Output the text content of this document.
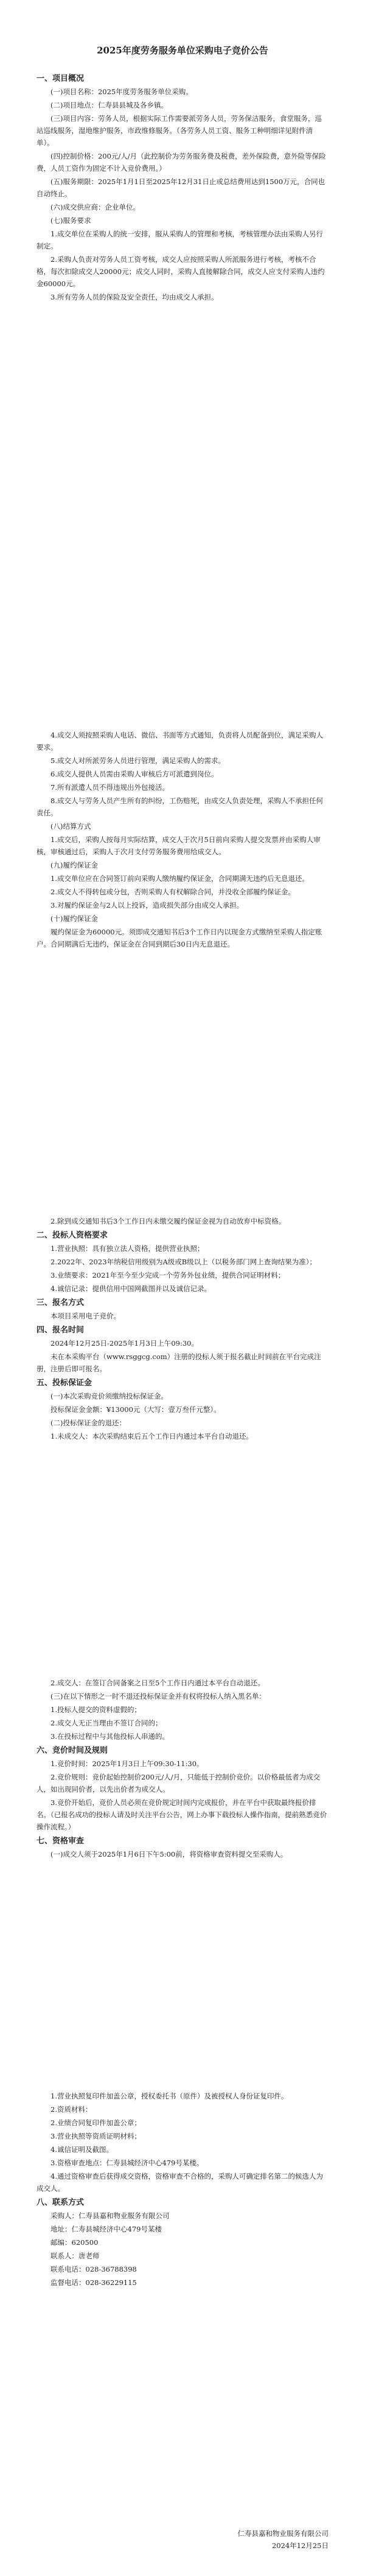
2025年度劳务服务单位采购电子竞价公告
一、项目概况
(一)项目名称：2025年度劳务服务单位采购。
(二)项目地点：仁寿县县城及各乡镇。
(三)项目内容：劳务人员，根据实际工作需要派劳务人员，劳务保洁服务，食堂服务，巡站巡线服务，湿地维护服务，市政维修服务。（各劳务人员工资、服务工种明细详见附件清单）。
(四)控制价格：200元/人/月（此控制价为劳务服务费及税费，差外保险费，意外险等保险费，人员工资作为固定不计入竞价费用。）
(五)服务期限：2025年1月1日至2025年12月31日止或总结费用达到1500万元，合同也自动终止。
(六)成交供应商：企业单位。
(七)服务要求
1.成交单位在采购人的统一安排，服从采购人的管理和考核，考核管理办法由采购人另行制定。
2.采购人负责对劳务人员工资考核，成交人应按照采购人所派服务进行考核，考核不合格，每次扣除成交人20000元；成交人同时，采购人直接解除合同，成交人应支付采购人违约金60000元。
3.所有劳务人员的保险及安全责任，均由成交人承担。
4.成交人须按照采购人电话、微信、书面等方式通知，负责将人员配备到位，满足采购人要求。
5.成交人对所派劳务人员进行管理，满足采购人的需求。
6.成交人提供人员需由采购人审核后方可派遣到岗位。
7.所有派遣人员不得违规出外包接活。
8.成交人与劳务人员产生所有的纠纷，工伤赔死，由成交人负责处理，采购人不承担任何责任。
(八)结算方式
1.成交后，采购人按每月实际结算，成交人于次月5日前向采购人提交发票并由采购人审核，审核通过后，采购人于次月支付劳务服务费用给成交人。
(九)履约保证金
1.成交单位应在合同签订前向采购人缴纳履约保证金，合同期满无违约后无息退还。
2.成交人不得转包或分包，否则采购人有权解除合同，并没收全部履约保证金。
3.对履约保证金与2人以上投诉，造成损失部分由成交人承担。
(十)履约保证金
履约保证金为60000元。须即成交通知书后3个工作日内以现金方式缴纳至采购人指定账户。合同期满后无违约，保证金在合同到期后30日内无息退还。
2.除到成交通知书后3个工作日内未缴交履约保证金视为自动放弃中标资格。
二、投标人资格要求
1.营业执照：具有独立法人资格，提供营业执照；
2.2022年、2023年纳税信用级别为A级或B级以上（以税务部门网上查询结果为准）；
3.业绩要求：2021年至今至少完成一个劳务外包业绩，提供合同证明材料；
4.诚信记录：提供信用中国网截图并以及诚信记录。
三、报名方式
本项目采用电子竞价。
四、报名时间
2024年12月25日-2025年1月3日上午09:30。
未在本采购平台（www.rsggcg.com）注册的投标人须于报名截止时间前在平台完成注册，注册后即可报名。
五、投标保证金
(一)本次采购竞价须缴纳投标保证金。
投标保证金金额：¥13000元（大写：壹万叁仟元整）。
(二)投标保证金的退还：
1.未成交人：本次采购结束后五个工作日内通过本平台自动退还。
2.成交人：在签订合同备案之日至5个工作日内通过本平台自动退还。
(三)在以下情形之一时不退还投标保证金并有权将投标人纳入黑名单：
1.投标人提交的资料虚假的；
2.成交人无正当理由不签订合同的；
3.在投标过程中与其他投标人串通的。
六、竞价时间及规则
1.竞价时间：2025年1月3日上午09:30-11:30。
2.竞价规则：竞价起始控制价200元/人/月，只能低于控制价竞价。以价格最低者为成交人，如出现同价者，以先出价者为成交人。
3.竞价开始后，竞价人员必须在竞价规定时间内完成报价，并在平台中获取最终报价排名。（已报名成功的投标人请及时关注平台公告，网上办事下载投标人操作指南，提前熟悉竞价操作流程。）
七、资格审查
(一)成交人须于2025年1月6日下午5:00前，将资格审查资料提交至采购人。
1.营业执照复印件加盖公章，授权委托书（原件）及被授权人身份证复印件。
2.资质材料：
2.业绩合同复印件加盖公章；
3.营业执照等资质证明材料；
4.诚信证明及截图。
3.资格审查地点：仁寿县城经济中心479号某楼。
4.通过资格审查后获得成交资格，资格审查不合格的，采购人可确定排名第二的候选人为成交人。
八、联系方式
采购人：仁寿县嘉和物业服务有限公司
地址：仁寿县城经济中心479号某楼
邮编：620500
联系人：唐老师
联系电话：028-36788398
监督电话：028-36229115
仁寿县嘉和物业服务有限公司
2024年12月25日
